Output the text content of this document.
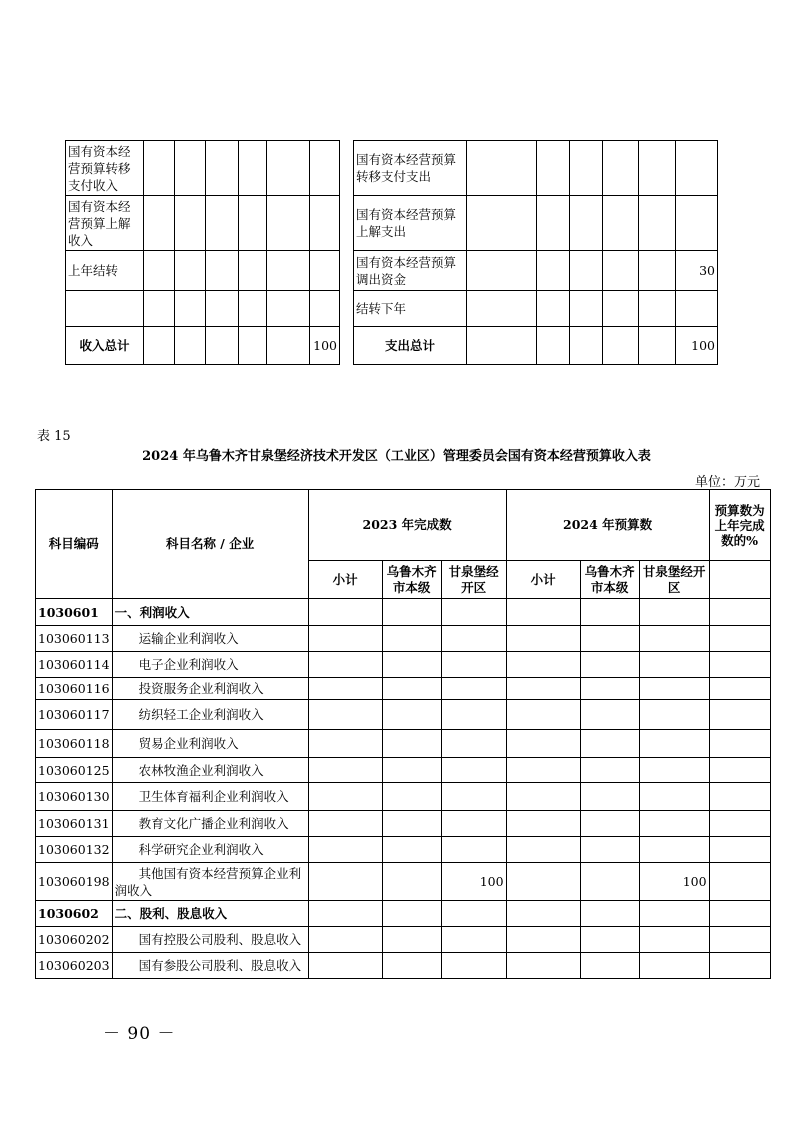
国有资本经营预算转移支付收入						
国有资本经营预算上解收入						
上年结转						

收入总计						100
国有资本经营预算转移支付支出						
国有资本经营预算上解支出						
国有资本经营预算调出资金						30
结转下年						
支出总计						100
表 15
2024 年乌鲁木齐甘泉堡经济技术开发区（工业区）管理委员会国有资本经营预算收入表
单位：万元
科目编码	科目名称 / 企业	2023 年完成数			2024 年预算数			预算数为上年完成数的%
		小计	乌鲁木齐市本级	甘泉堡经开区	小计	乌鲁木齐市本级	甘泉堡经开区	
1030601	一、利润收入							
103060113	运输企业利润收入							
103060114	电子企业利润收入							
103060116	投资服务企业利润收入							
103060117	纺织轻工企业利润收入							
103060118	贸易企业利润收入							
103060125	农林牧渔企业利润收入							
103060130	卫生体育福利企业利润收入							
103060131	教育文化广播企业利润收入							
103060132	科学研究企业利润收入							
103060198	其他国有资本经营预算企业利润收入			100			100	
1030602	二、股利、股息收入							
103060202	国有控股公司股利、股息收入							
103060203	国有参股公司股利、股息收入							
－ 90 －
